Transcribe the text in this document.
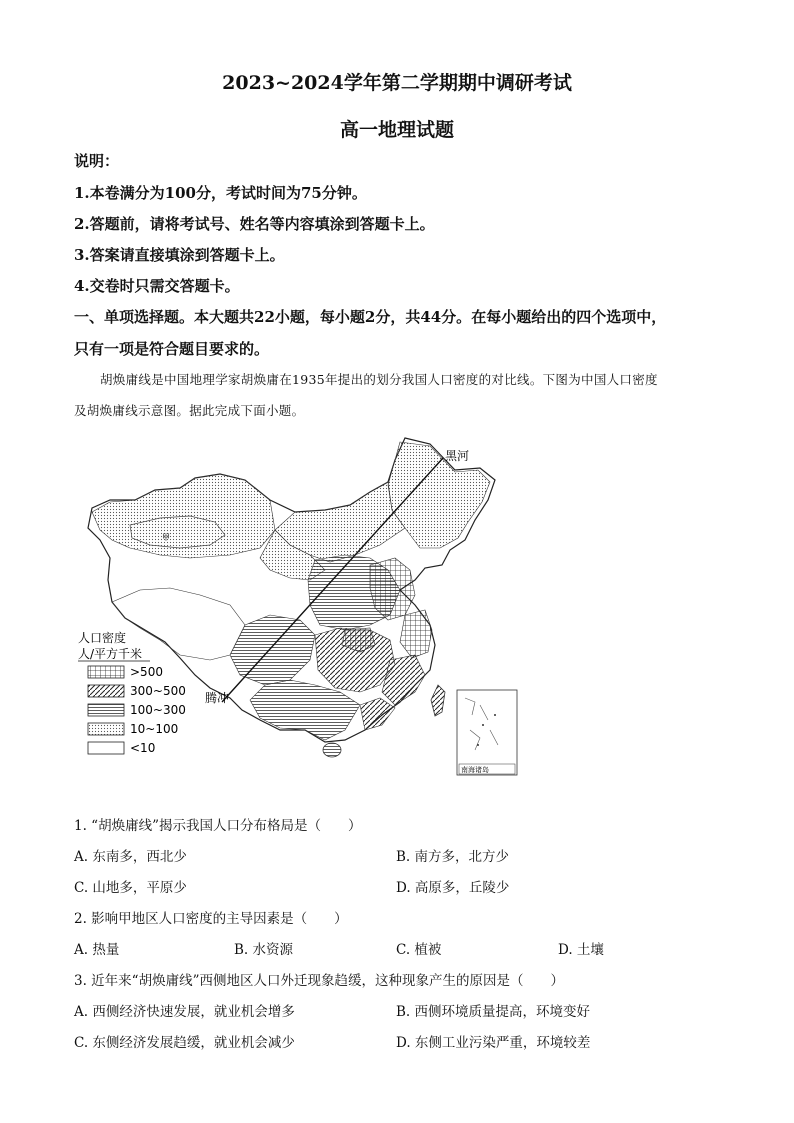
2023~2024学年第二学期期中调研考试
高一地理试题
说明：
1.本卷满分为100分，考试时间为75分钟。
2.答题前，请将考试号、姓名等内容填涂到答题卡上。
3.答案请直接填涂到答题卡上。
4.交卷时只需交答题卡。
一、单项选择题。本大题共22小题，每小题2分，共44分。在每小题给出的四个选项中，
只有一项是符合题目要求的。
胡焕庸线是中国地理学家胡焕庸在1935年提出的划分我国人口密度的对比线。下图为中国人口密度
及胡焕庸线示意图。据此完成下面小题。
黑河
腾冲
甲
南海诸岛
人口密度
人/平方千米
>500
300~500
100~300
10~100
<10
1. “胡焕庸线”揭示我国人口分布格局是（　　）
A. 东南多，西北少	B. 南方多，北方少
C. 山地多，平原少	D. 高原多，丘陵少
2. 影响甲地区人口密度的主导因素是（　　）
A. 热量	B. 水资源	C. 植被	D. 土壤
3. 近年来“胡焕庸线”西侧地区人口外迁现象趋缓，这种现象产生的原因是（　　）
A. 西侧经济快速发展，就业机会增多	B. 西侧环境质量提高，环境变好
C. 东侧经济发展趋缓，就业机会减少	D. 东侧工业污染严重，环境较差
